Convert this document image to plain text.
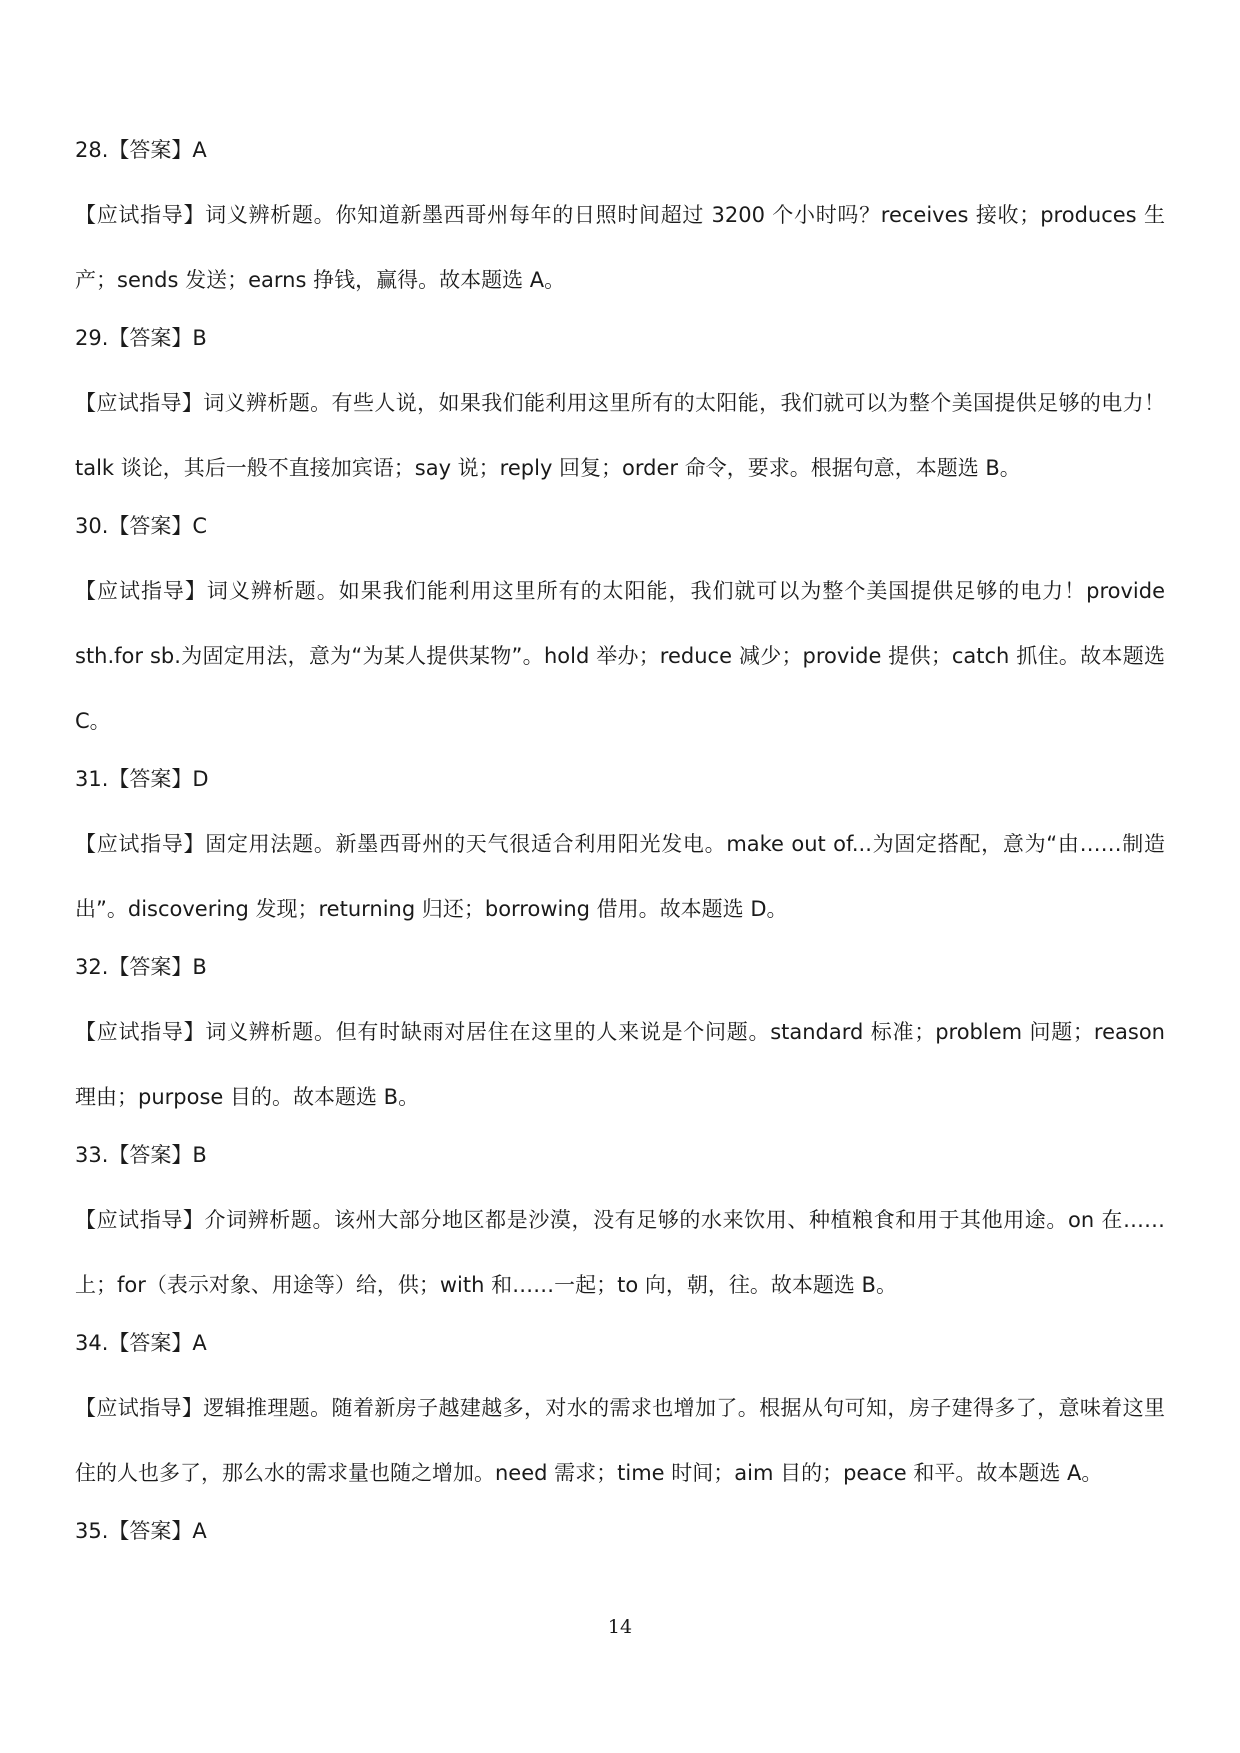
28.【答案】A
【应试指导】词义辨析题。你知道新墨西哥州每年的日照时间超过 3200 个小时吗？receives 接收；produces 生产；sends 发送；earns 挣钱，赢得。故本题选 A。
29.【答案】B
【应试指导】词义辨析题。有些人说，如果我们能利用这里所有的太阳能，我们就可以为整个美国提供足够的电力！talk 谈论，其后一般不直接加宾语；say 说；reply 回复；order 命令，要求。根据句意，本题选 B。
30.【答案】C
【应试指导】词义辨析题。如果我们能利用这里所有的太阳能，我们就可以为整个美国提供足够的电力！provide sth.for sb.为固定用法，意为“为某人提供某物”。hold 举办；reduce 减少；provide 提供；catch 抓住。故本题选 C。
31.【答案】D
【应试指导】固定用法题。新墨西哥州的天气很适合利用阳光发电。make out of...为固定搭配，意为“由……制造出”。discovering 发现；returning 归还；borrowing 借用。故本题选 D。
32.【答案】B
【应试指导】词义辨析题。但有时缺雨对居住在这里的人来说是个问题。standard 标准；problem 问题；reason 理由；purpose 目的。故本题选 B。
33.【答案】B
【应试指导】介词辨析题。该州大部分地区都是沙漠，没有足够的水来饮用、种植粮食和用于其他用途。on 在……上；for（表示对象、用途等）给，供；with 和……一起；to 向，朝，往。故本题选 B。
34.【答案】A
【应试指导】逻辑推理题。随着新房子越建越多，对水的需求也增加了。根据从句可知，房子建得多了，意味着这里住的人也多了，那么水的需求量也随之增加。need 需求；time 时间；aim 目的；peace 和平。故本题选 A。
35.【答案】A
14
